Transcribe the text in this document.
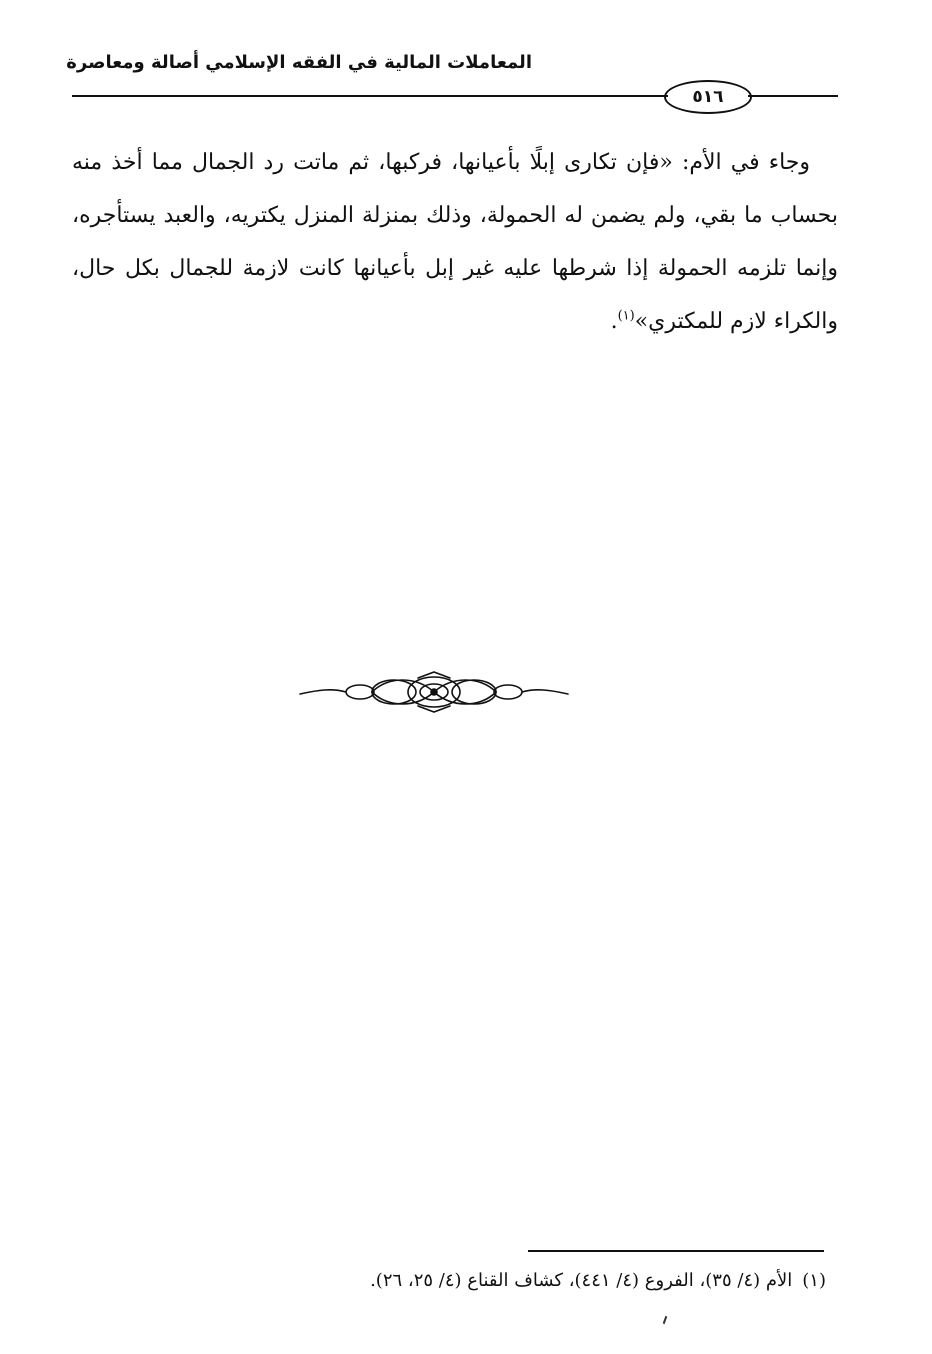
المعاملات المالية في الفقه الإسلامي أصالة ومعاصرة
٥١٦

وجاء في الأم: «فإن تكارى إبلًا بأعيانها، فركبها، ثم ماتت رد الجمال مما أخذ منه بحساب ما بقي، ولم يضمن له الحمولة، وذلك بمنزلة المنزل يكتريه، والعبد يستأجره، وإنما تلزمه الحمولة إذا شرطها عليه غير إبل بأعيانها كانت لازمة للجمال بكل حال، والكراء لازم للمكتري»$^{(١)}$.

(١)الأم (٤/ ٣٥)، الفروع (٤/ ٤٤١)، كشاف القناع (٤/ ٢٥، ٢٦).
